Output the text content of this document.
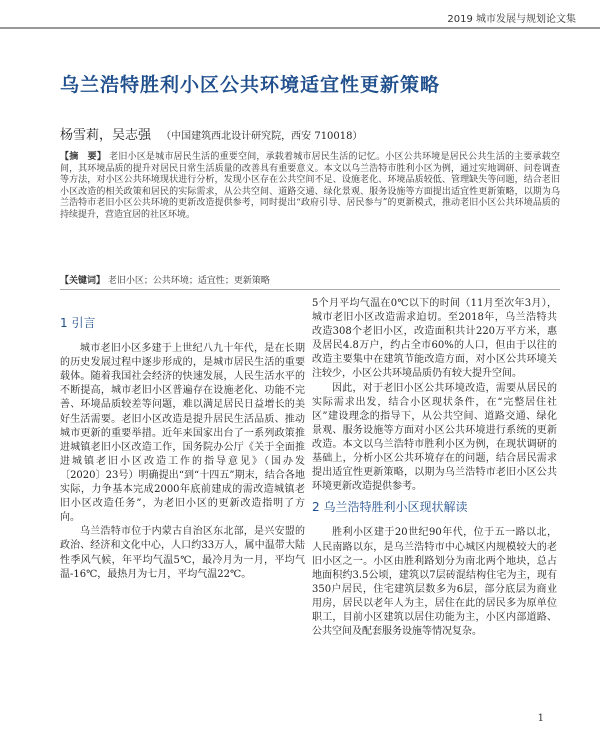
2019 城市发展与规划论文集
乌兰浩特胜利小区公共环境适宜性更新策略
杨雪莉，吴志强 （中国建筑西北设计研究院，西安 710018）
【摘　要】 老旧小区是城市居民生活的重要空间，承载着城市居民生活的记忆。小区公共环境是居民公共生活的主要承载空间，其环境品质的提升对居民日常生活质量的改善具有重要意义。本文以乌兰浩特市胜利小区为例，通过实地调研、问卷调查等方法，对小区公共环境现状进行分析，发现小区存在公共空间不足、设施老化、环境品质较低、管理缺失等问题，结合老旧小区改造的相关政策和居民的实际需求，从公共空间、道路交通、绿化景观、服务设施等方面提出适宜性更新策略，以期为乌兰浩特市老旧小区公共环境的更新改造提供参考，同时提出“政府引导、居民参与”的更新模式，推动老旧小区公共环境品质的持续提升，营造宜居的社区环境。
【关键词】 老旧小区；公共环境；适宜性；更新策略
1 引言

城市老旧小区多建于上世纪八九十年代，是在长期的历史发展过程中逐步形成的，是城市居民生活的重要载体。随着我国社会经济的快速发展，人民生活水平的不断提高，城市老旧小区普遍存在设施老化、功能不完善、环境品质较差等问题，难以满足居民日益增长的美好生活需要。老旧小区改造是提升居民生活品质、推动城市更新的重要举措。近年来国家出台了一系列政策推进城镇老旧小区改造工作，国务院办公厅《关于全面推进城镇老旧小区改造工作的指导意见》（国办发〔2020〕23号）明确提出“到“十四五”期末，结合各地实际，力争基本完成2000年底前建成的需改造城镇老旧小区改造任务”，为老旧小区的更新改造指明了方向。

乌兰浩特市位于内蒙古自治区东北部，是兴安盟的政治、经济和文化中心，人口约33万人，属中温带大陆性季风气候，年平均气温5℃，最冷月为一月，平均气温-16℃，最热月为七月，平均气温22℃。

5个月平均气温在0℃以下的时间（11月至次年3月），城市老旧小区改造需求迫切。至2018年，乌兰浩特共改造308个老旧小区，改造面积共计220万平方米，惠及居民4.8万户，约占全市60%的人口，但由于以往的改造主要集中在建筑节能改造方面，对小区公共环境关注较少，小区公共环境品质仍有较大提升空间。

因此，对于老旧小区公共环境改造，需要从居民的实际需求出发，结合小区现状条件，在“完整居住社区”建设理念的指导下，从公共空间、道路交通、绿化景观、服务设施等方面对小区公共环境进行系统的更新改造。本文以乌兰浩特市胜利小区为例，在现状调研的基础上，分析小区公共环境存在的问题，结合居民需求提出适宜性更新策略，以期为乌兰浩特市老旧小区公共环境更新改造提供参考。

2 乌兰浩特胜利小区现状解读

胜利小区建于20世纪90年代，位于五一路以北，人民南路以东，是乌兰浩特市中心城区内规模较大的老旧小区之一。小区由胜利路划分为南北两个地块，总占地面积约3.5公顷，建筑以7层砖混结构住宅为主，现有350户居民，住宅建筑层数多为6层，部分底层为商业用房，居民以老年人为主，居住在此的居民多为原单位职工，目前小区建筑以居住功能为主，小区内部道路、公共空间及配套服务设施等情况复杂。

1
